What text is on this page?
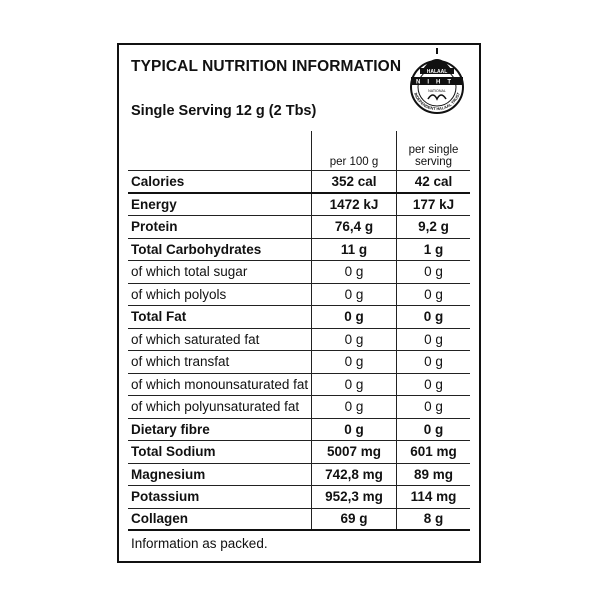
TYPICAL NUTRITION INFORMATION
Single Serving 12 g (2 Tbs)
HALAAL
NIHT
NATIONAL
INDEPENDENT HALAAL TRUST
per 100 g
per single
serving
Calories	352 cal	42 cal
Energy	1472 kJ	177 kJ
Protein	76,4 g	9,2 g
Total Carbohydrates	11 g	1 g
of which total sugar	0 g	0 g
of which polyols	0 g	0 g
Total Fat	0 g	0 g
of which saturated fat	0 g	0 g
of which transfat	0 g	0 g
of which monounsaturated fat	0 g	0 g
of which polyunsaturated fat	0 g	0 g
Dietary fibre	0 g	0 g
Total Sodium	5007 mg	601 mg
Magnesium	742,8 mg	89 mg
Potassium	952,3 mg	114 mg
Collagen	69 g	8 g
Information as packed.
